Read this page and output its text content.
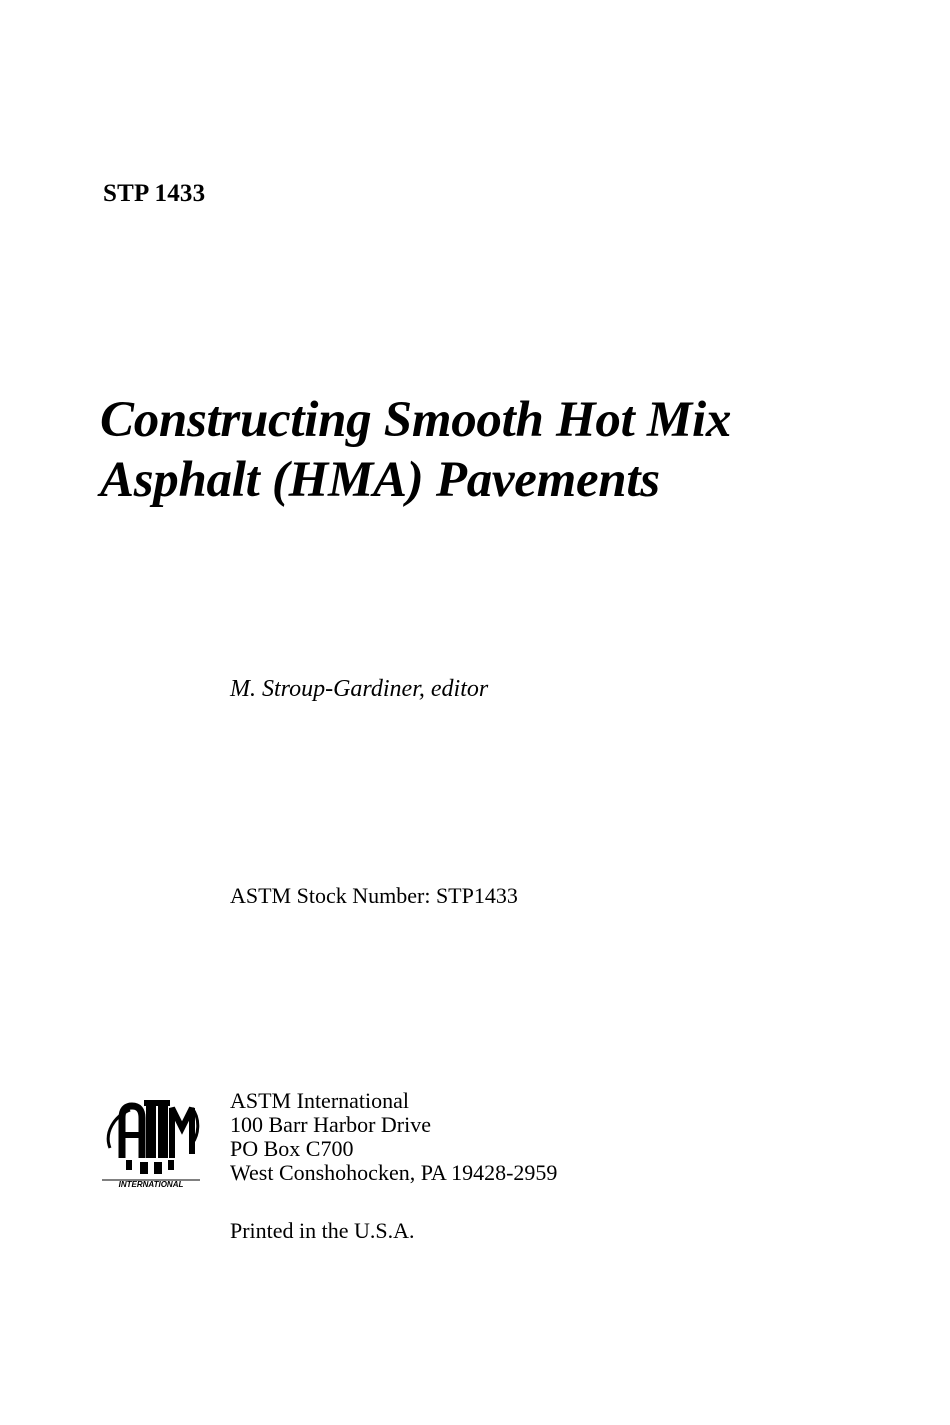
STP 1433

Constructing Smooth Hot Mix
Asphalt (HMA) Pavements

M. Stroup-Gardiner, editor

ASTM Stock Number: STP1433

INTERNATIONAL

ASTM International
100 Barr Harbor Drive
PO Box C700
West Conshohocken, PA 19428-2959

Printed in the U.S.A.
